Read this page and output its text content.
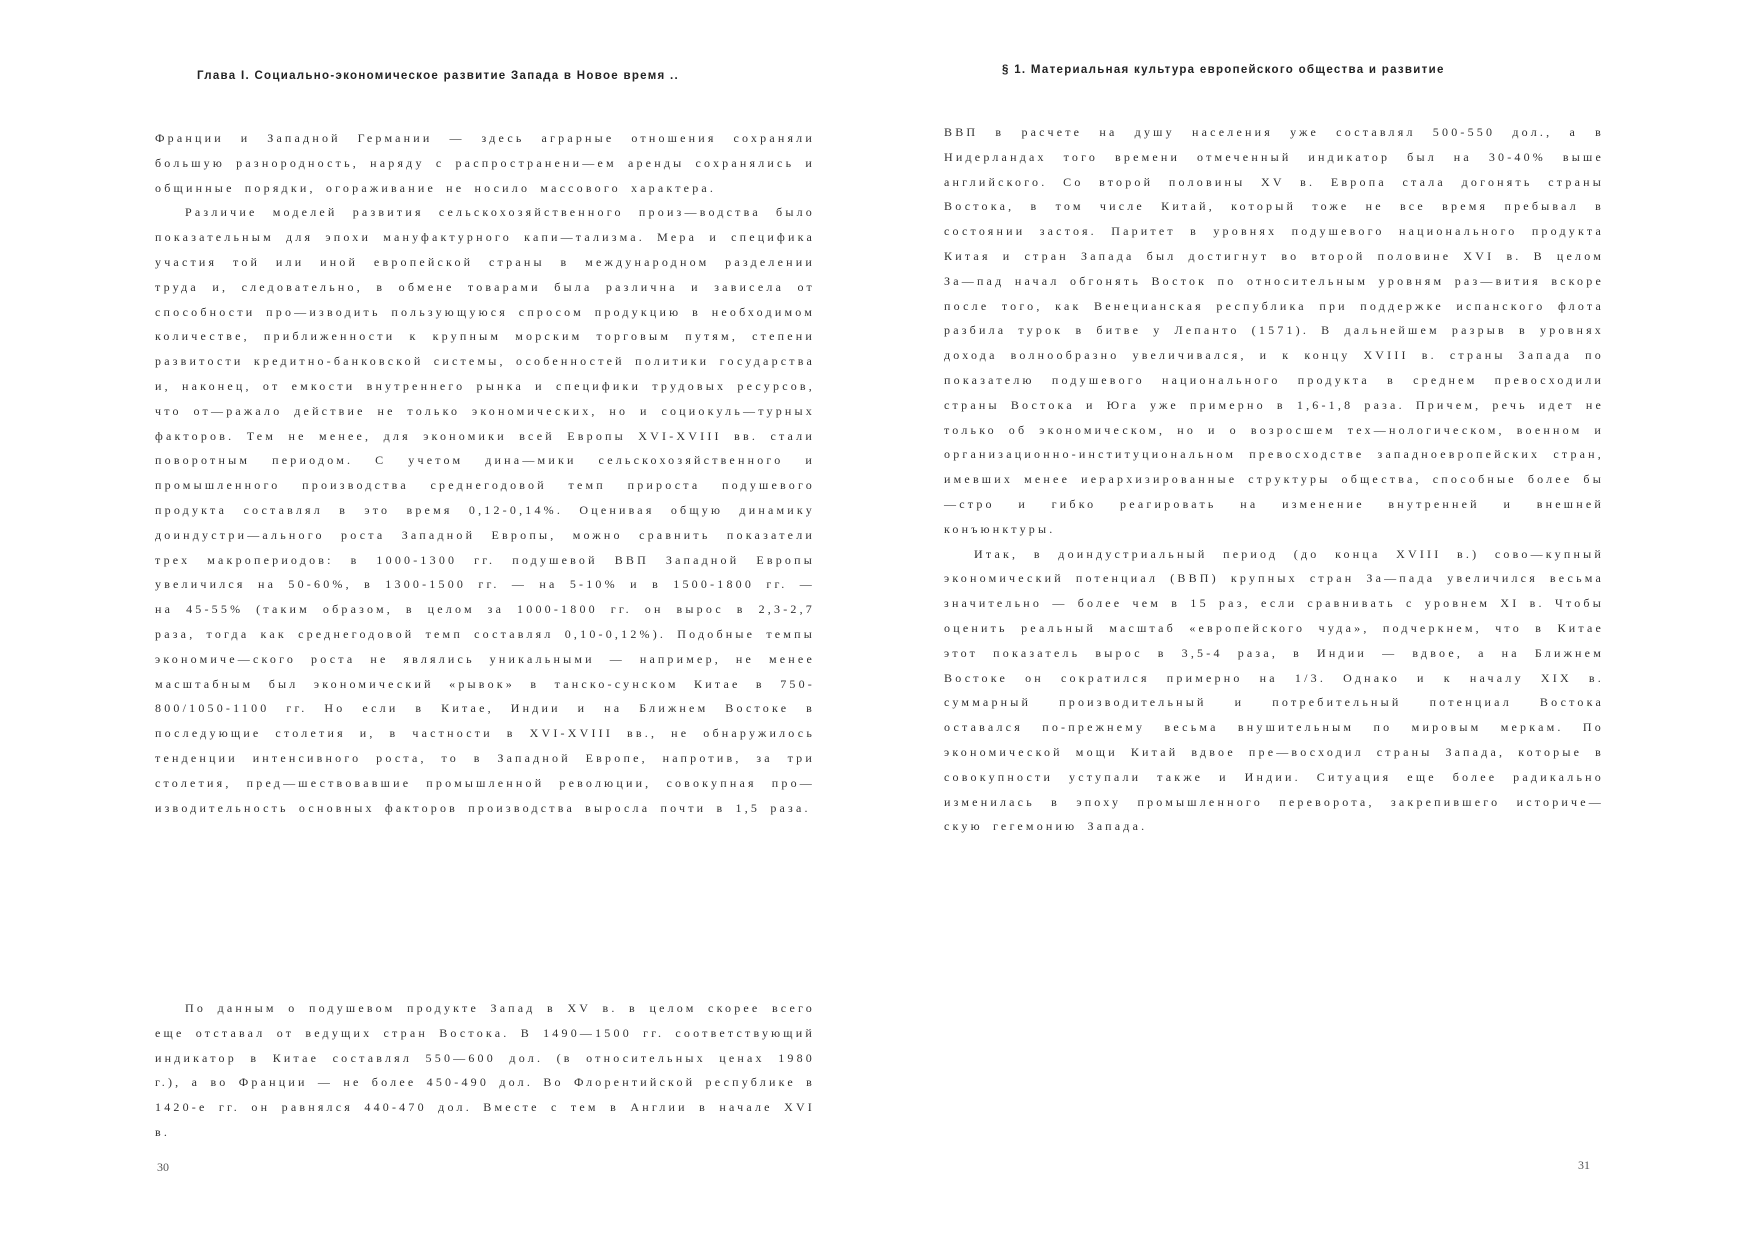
Глава I. Социально-экономическое развитие Запада в Новое время ..

Франции и Западной Германии — здесь аграрные отношения сохраняли большую разнородность, наряду с распространени—ем аренды сохранялись и общинные порядки, огораживание не носило массового характера.

Различие моделей развития сельскохозяйственного произ—водства было показательным для эпохи мануфактурного капи—тализма. Мера и специфика участия той или иной европейской страны в международном разделении труда и, следовательно, в обмене товарами была различна и зависела от способности про—изводить пользующуюся спросом продукцию в необходимом количестве, приближенности к крупным морским торговым путям, степени развитости кредитно-банковской системы, особенностей политики государства и, наконец, от емкости внутреннего рынка и специфики трудовых ресурсов, что от—ражало действие не только экономических, но и социокуль—турных факторов. Тем не менее, для экономики всей Европы XVI-XVIII вв. стали поворотным периодом. С учетом дина—мики сельскохозяйственного и промышленного производства среднегодовой темп прироста подушевого продукта составлял в это время 0,12-0,14%. Оценивая общую динамику доиндустри—ального роста Западной Европы, можно сравнить показатели трех макропериодов: в 1000-1300 гг. подушевой ВВП Западной Европы увеличился на 50-60%, в 1300-1500 гг. — на 5-10% и в 1500-1800 гг. — на 45-55% (таким образом, в целом за 1000-1800 гг. он вырос в 2,3-2,7 раза, тогда как среднегодовой темп составлял 0,10-0,12%). Подобные темпы экономиче—ского роста не являлись уникальными — например, не менее масштабным был экономический «рывок» в танско-сунском Китае в 750-800/1050-1100 гг. Но если в Китае, Индии и на Ближнем Востоке в последующие столетия и, в частности в XVI-XVIII вв., не обнаружилось тенденции интенсивного роста, то в Западной Европе, напротив, за три столетия, пред—шествовавшие промышленной революции, совокупная про—изводительность основных факторов производства выросла почти в 1,5 раза.

По данным о подушевом продукте Запад в XV в. в целом скорее всего еще отставал от ведущих стран Востока. В 1490—1500 гг. соответствующий индикатор в Китае составлял 550—600 дол. (в относительных ценах 1980 г.), а во Франции — не более 450-490 дол. Во Флорентийской республике в 1420-е гг. он равнялся 440-470 дол. Вместе с тем в Англии в начале XVI в.

30
§ 1. Материальная культура европейского общества и развитие

ВВП в расчете на душу населения уже составлял 500-550 дол., а в Нидерландах того времени отмеченный индикатор был на 30-40% выше английского. Со второй половины XV в. Европа стала догонять страны Востока, в том числе Китай, который тоже не все время пребывал в состоянии застоя. Паритет в уровнях подушевого национального продукта Китая и стран Запада был достигнут во второй половине XVI в. В целом За—пад начал обгонять Восток по относительным уровням раз—вития вскоре после того, как Венецианская республика при поддержке испанского флота разбила турок в битве у Лепанто (1571). В дальнейшем разрыв в уровнях дохода волнообразно увеличивался, и к концу XVIII в. страны Запада по показателю подушевого национального продукта в среднем превосходили страны Востока и Юга уже примерно в 1,6-1,8 раза. Причем, речь идет не только об экономическом, но и о возросшем тех—нологическом, военном и организационно-институциональном превосходстве западноевропейских стран, имевших менее иерархизированные структуры общества, способные более бы—стро и гибко реагировать на изменение внутренней и внешней конъюнктуры.

Итак, в доиндустриальный период (до конца XVIII в.) сово—купный экономический потенциал (ВВП) крупных стран За—пада увеличился весьма значительно — более чем в 15 раз, если сравнивать с уровнем XI в. Чтобы оценить реальный масштаб «европейского чуда», подчеркнем, что в Китае этот показатель вырос в 3,5-4 раза, в Индии — вдвое, а на Ближнем Востоке он сократился примерно на 1/3. Однако и к началу XIX в. суммарный производительный и потребительный потенциал Востока оставался по-прежнему весьма внушительным по мировым меркам. По экономической мощи Китай вдвое пре—восходил страны Запада, которые в совокупности уступали также и Индии. Ситуация еще более радикально изменилась в эпоху промышленного переворота, закрепившего историче—скую гегемонию Запада.

31
